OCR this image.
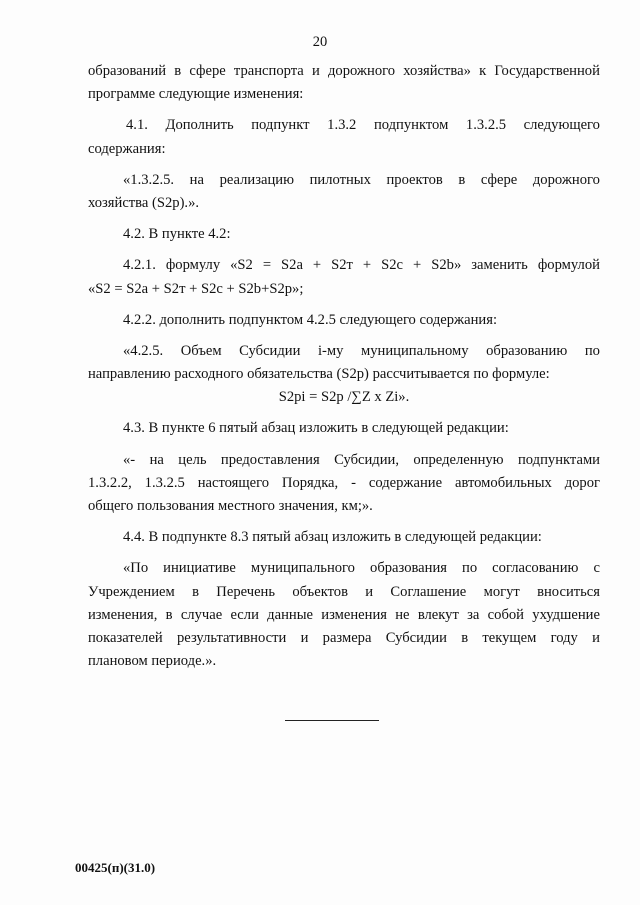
20
образований в сфере транспорта и дорожного хозяйства» к Государственной
программе следующие изменения:
4.1. Дополнить подпункт 1.3.2 подпунктом 1.3.2.5 следующего
содержания:
«1.3.2.5. на реализацию пилотных проектов в сфере дорожного
хозяйства (S2р).».
4.2. В пункте 4.2:
4.2.1. формулу «S2 = S2a + S2т + S2c + S2b» заменить формулой
«S2 = S2a + S2т + S2c + S2b+S2р»;
4.2.2. дополнить подпунктом 4.2.5 следующего содержания:
«4.2.5. Объем Субсидии i-му муниципальному образованию по
направлению расходного обязательства (S2р) рассчитывается по формуле:
S2рi = S2р /∑Z x Zi».
4.3. В пункте 6 пятый абзац изложить в следующей редакции:
«- на цель предоставления Субсидии, определенную подпунктами
1.3.2.2, 1.3.2.5 настоящего Порядка, - содержание автомобильных дорог
общего пользования местного значения, км;».
4.4. В подпункте 8.3 пятый абзац изложить в следующей редакции:
«По инициативе муниципального образования по согласованию с
Учреждением в Перечень объектов и Соглашение могут вноситься
изменения, в случае если данные изменения не влекут за собой ухудшение
показателей результативности и размера Субсидии в текущем году и
плановом периоде.».
00425(п)(31.0)
